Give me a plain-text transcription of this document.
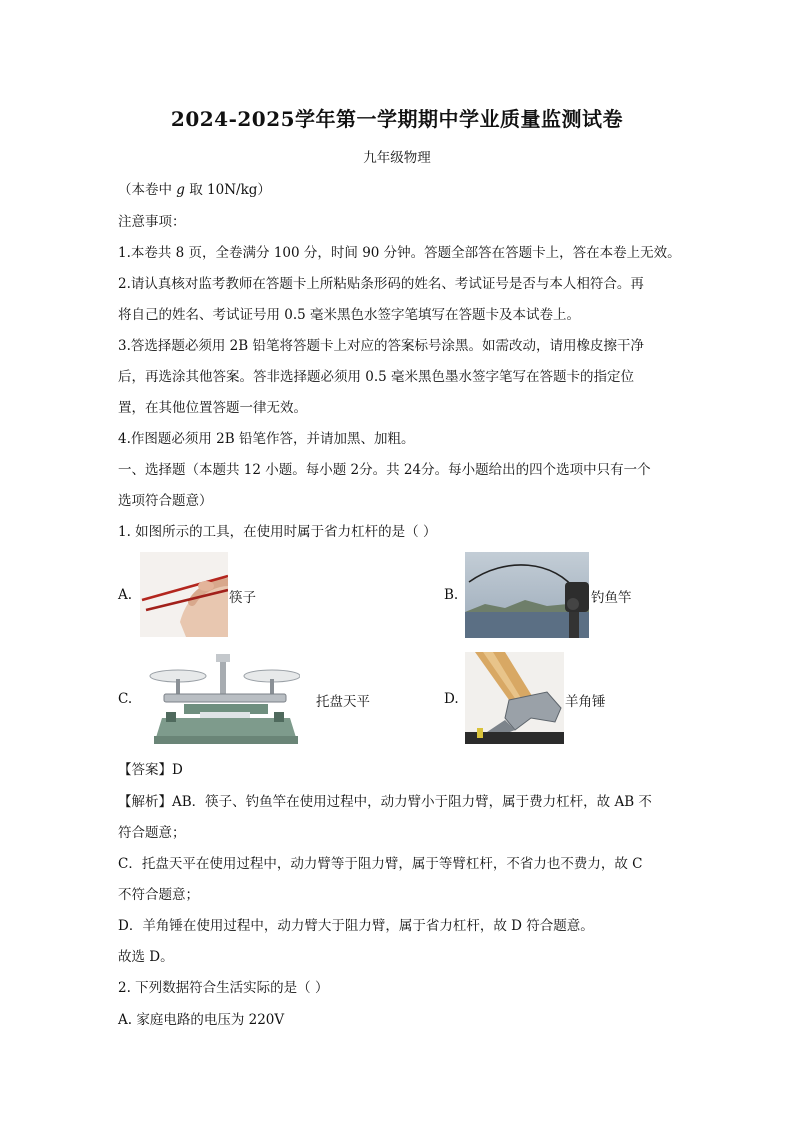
2024-2025学年第一学期期中学业质量监测试卷
九年级物理
（本卷中 g 取 10N/kg）
注意事项：
1.本卷共 8 页，全卷满分 100 分，时间 90 分钟。答题全部答在答题卡上，答在本卷上无效。
2.请认真核对监考教师在答题卡上所粘贴条形码的姓名、考试证号是否与本人相符合。再
将自己的姓名、考试证号用 0.5 毫米黑色水签字笔填写在答题卡及本试卷上。
3.答选择题必须用 2B 铅笔将答题卡上对应的答案标号涂黑。如需改动，请用橡皮擦干净
后，再选涂其他答案。答非选择题必须用 0.5 毫米黑色墨水签字笔写在答题卡的指定位
置，在其他位置答题一律无效。
4.作图题必须用 2B 铅笔作答，并请加黑、加粗。
一、选择题（本题共 12 小题。每小题 2分。共 24分。每小题给出的四个选项中只有一个
选项符合题意）
1. 如图所示的工具，在使用时属于省力杠杆的是（ ）
A.	筷子	B.	钓鱼竿
C.	托盘天平	D.	羊角锤
【答案】D
【解析】AB．筷子、钓鱼竿在使用过程中，动力臂小于阻力臂，属于费力杠杆，故 AB 不
符合题意；
C．托盘天平在使用过程中，动力臂等于阻力臂，属于等臂杠杆，不省力也不费力，故 C
不符合题意；
D．羊角锤在使用过程中，动力臂大于阻力臂，属于省力杠杆，故 D 符合题意。
故选 D。
2. 下列数据符合生活实际的是（ ）
A. 家庭电路的电压为 220V
